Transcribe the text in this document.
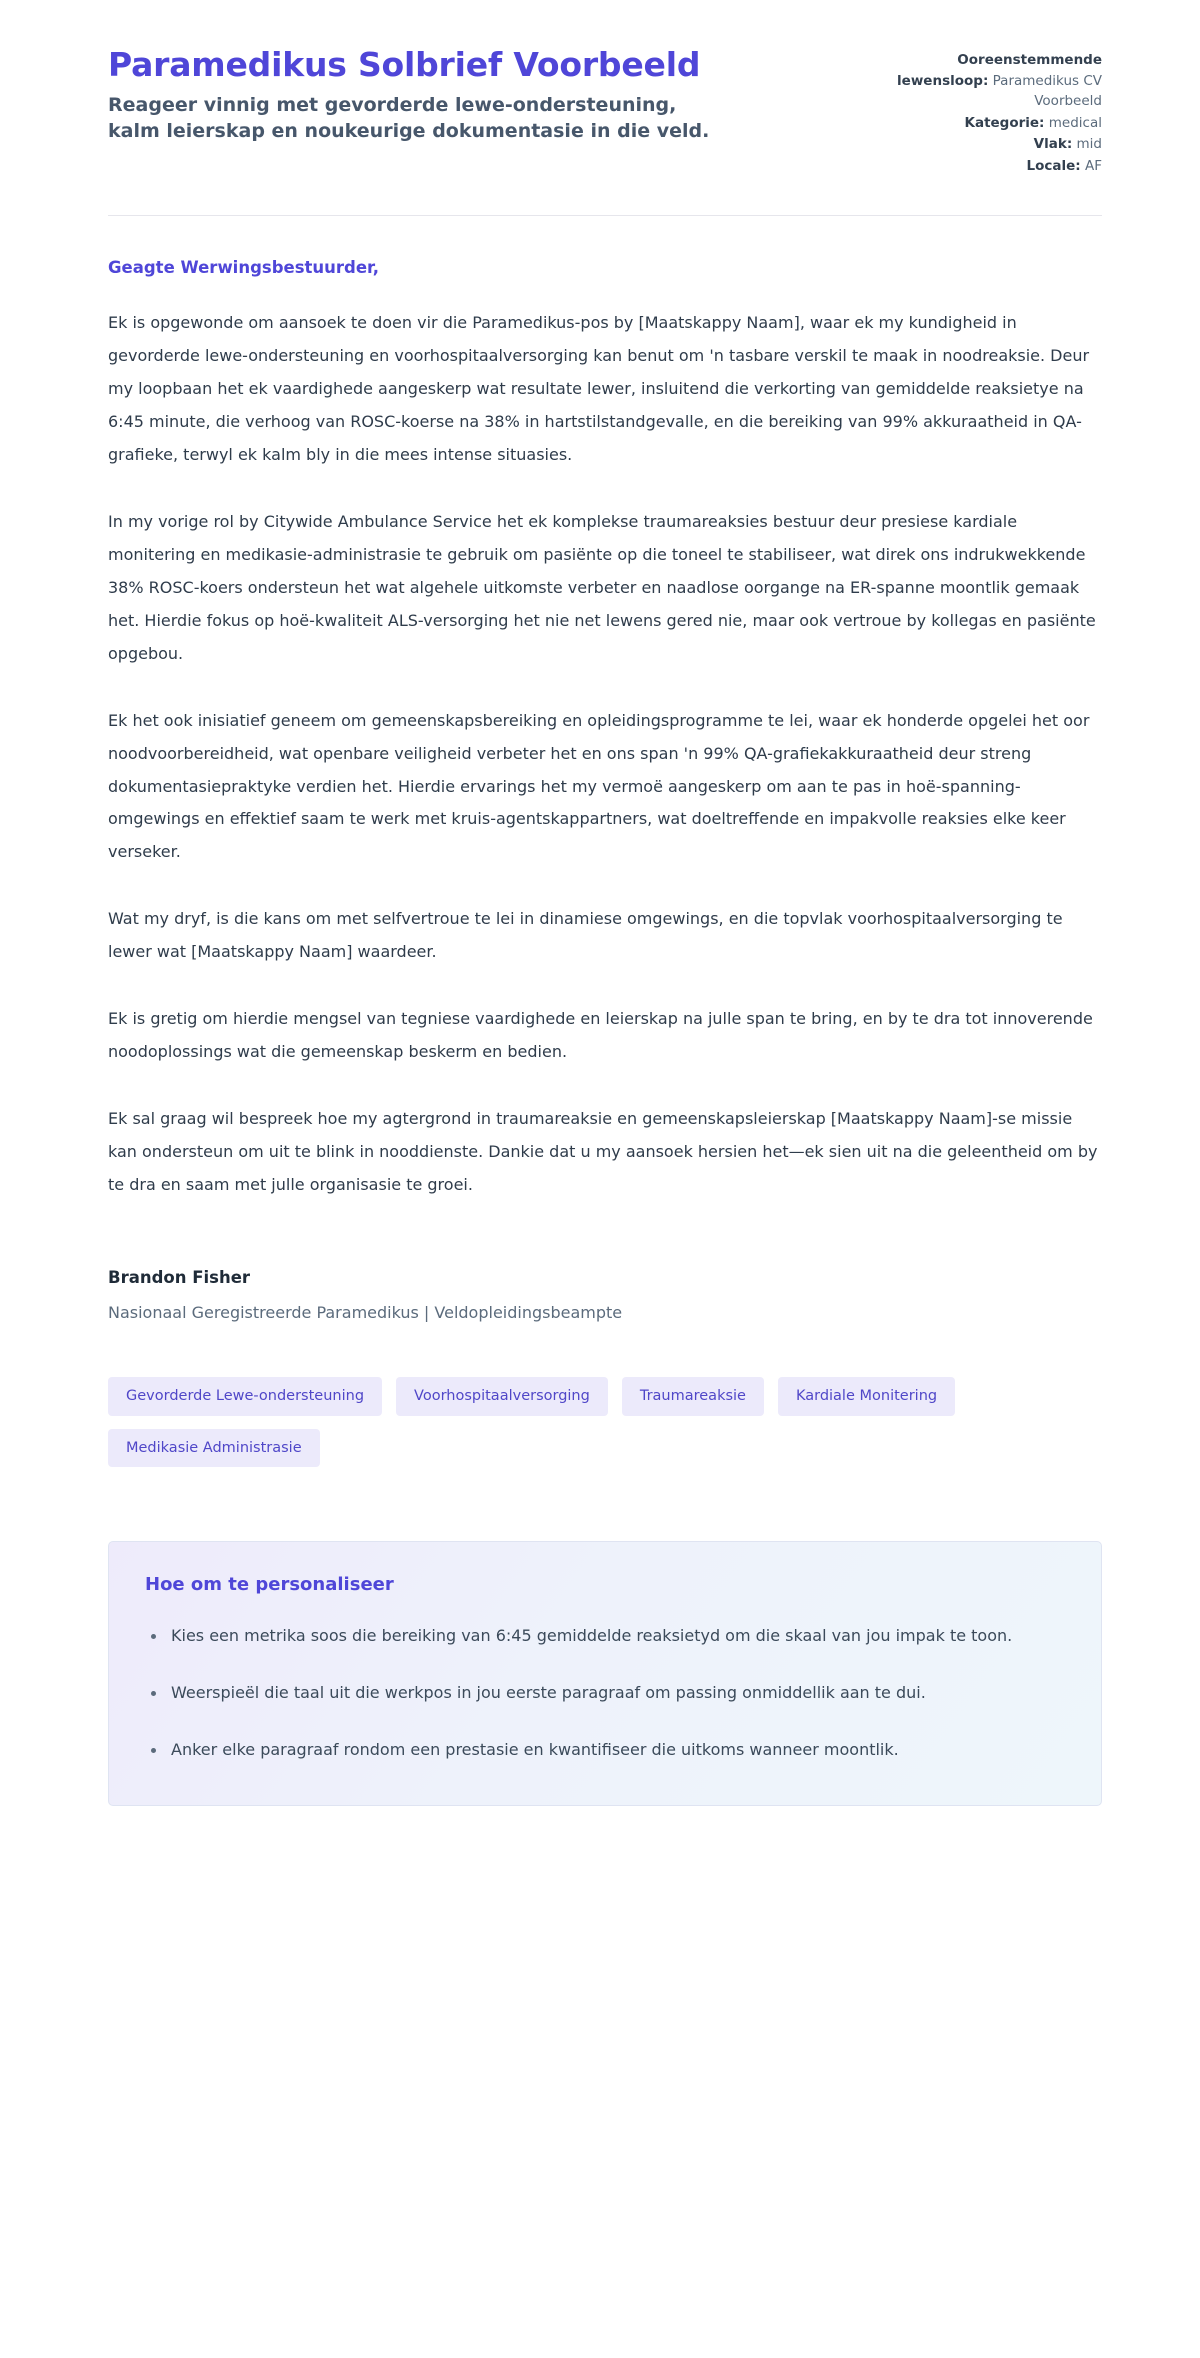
Paramedikus Solbrief Voorbeeld

Reageer vinnig met gevorderde lewe-ondersteuning, kalm leierskap en noukeurige dokumentasie in die veld.

Ooreenstemmende lewensloop: Paramedikus CV Voorbeeld

Kategorie: medical

Vlak: mid

Locale: AF

Geagte Werwingsbestuurder,

Ek is opgewonde om aansoek te doen vir die Paramedikus-pos by [Maatskappy Naam], waar ek my kundigheid in gevorderde lewe-ondersteuning en voorhospitaalversorging kan benut om 'n tasbare verskil te maak in noodreaksie. Deur my loopbaan het ek vaardighede aangeskerp wat resultate lewer, insluitend die verkorting van gemiddelde reaksietye na 6:45 minute, die verhoog van ROSC-koerse na 38% in hartstilstandgevalle, en die bereiking van 99% akkuraatheid in QA-grafieke, terwyl ek kalm bly in die mees intense situasies.

In my vorige rol by Citywide Ambulance Service het ek komplekse traumareaksies bestuur deur presiese kardiale monitering en medikasie-administrasie te gebruik om pasiënte op die toneel te stabiliseer, wat direk ons indrukwekkende 38% ROSC-koers ondersteun het wat algehele uitkomste verbeter en naadlose oorgange na ER-spanne moontlik gemaak het. Hierdie fokus op hoë-kwaliteit ALS-versorging het nie net lewens gered nie, maar ook vertroue by kollegas en pasiënte opgebou.

Ek het ook inisiatief geneem om gemeenskapsbereiking en opleidingsprogramme te lei, waar ek honderde opgelei het oor noodvoorbereidheid, wat openbare veiligheid verbeter het en ons span 'n 99% QA-grafiekakkuraatheid deur streng dokumentasiepraktyke verdien het. Hierdie ervarings het my vermoë aangeskerp om aan te pas in hoë-spanning-omgewings en effektief saam te werk met kruis-agentskappartners, wat doeltreffende en impakvolle reaksies elke keer verseker.

Wat my dryf, is die kans om met selfvertroue te lei in dinamiese omgewings, en die topvlak voorhospitaalversorging te lewer wat [Maatskappy Naam] waardeer.

Ek is gretig om hierdie mengsel van tegniese vaardighede en leierskap na julle span te bring, en by te dra tot innoverende noodoplossings wat die gemeenskap beskerm en bedien.

Ek sal graag wil bespreek hoe my agtergrond in traumareaksie en gemeenskapsleierskap [Maatskappy Naam]-se missie kan ondersteun om uit te blink in nooddienste. Dankie dat u my aansoek hersien het—ek sien uit na die geleentheid om by te dra en saam met julle organisasie te groei.

Brandon Fisher

Nasionaal Geregistreerde Paramedikus | Veldopleidingsbeampte

Gevorderde Lewe-ondersteuning	Voorhospitaalversorging	Traumareaksie	Kardiale Monitering
Medikasie Administrasie
Hoe om te personaliseer
Kies een metrika soos die bereiking van 6:45 gemiddelde reaksietyd om die skaal van jou impak te toon.
Weerspieël die taal uit die werkpos in jou eerste paragraaf om passing onmiddellik aan te dui.
Anker elke paragraaf rondom een prestasie en kwantifiseer die uitkoms wanneer moontlik.
